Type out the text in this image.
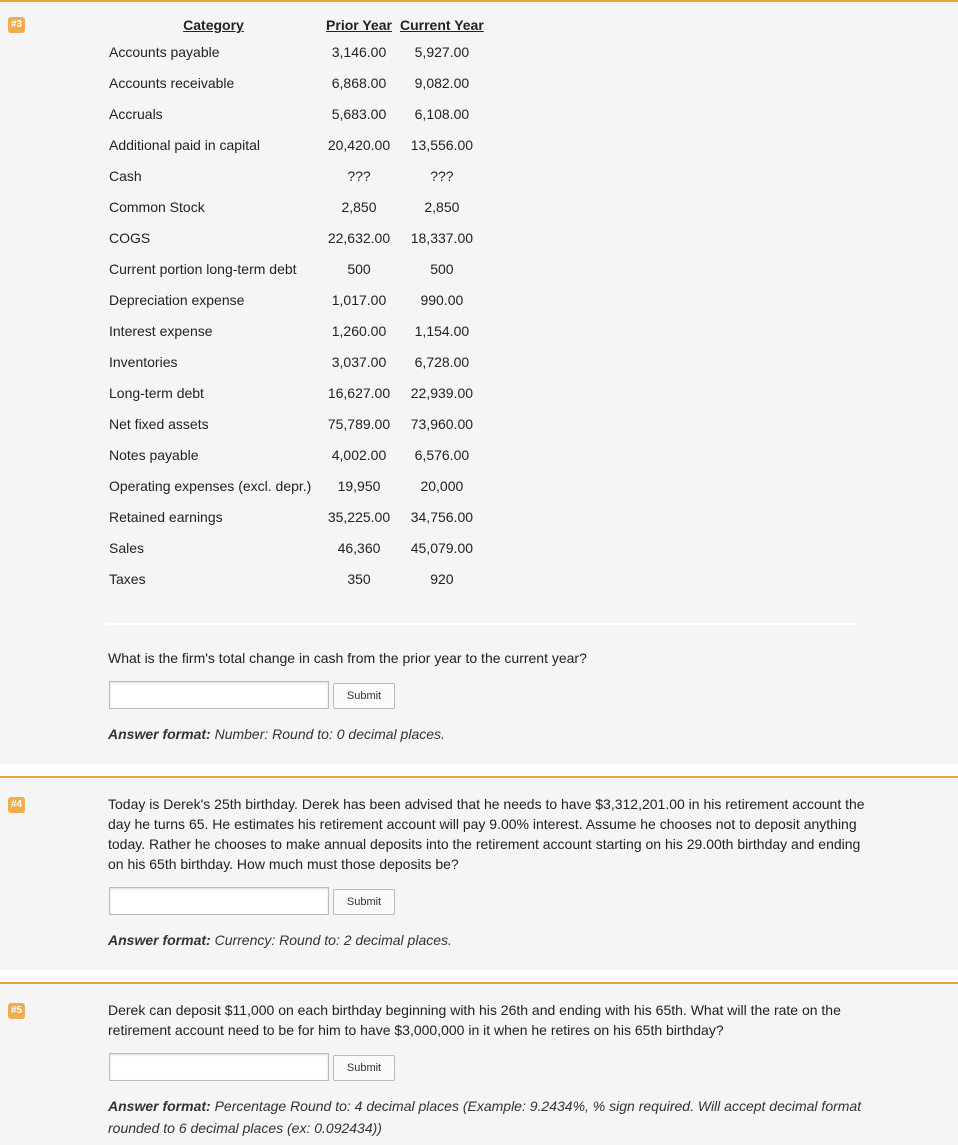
#3	Category	Prior Year	Current Year
Accounts payable	3,146.00	5,927.00
Accounts receivable	6,868.00	9,082.00
Accruals	5,683.00	6,108.00
Additional paid in capital	20,420.00	13,556.00
Cash	???	???
Common Stock	2,850	2,850
COGS	22,632.00	18,337.00
Current portion long-term debt	500	500
Depreciation expense	1,017.00	990.00
Interest expense	1,260.00	1,154.00
Inventories	3,037.00	6,728.00
Long-term debt	16,627.00	22,939.00
Net fixed assets	75,789.00	73,960.00
Notes payable	4,002.00	6,576.00
Operating expenses (excl. depr.)	19,950	20,000
Retained earnings	35,225.00	34,756.00
Sales	46,360	45,079.00
Taxes	350	920
What is the firm's total change in cash from the prior year to the current year?
Submit
Answer format: Number: Round to: 0 decimal places.
#4	Today is Derek's 25th birthday. Derek has been advised that he needs to have $3,312,201.00 in his retirement account the day he turns 65. He estimates his retirement account will pay 9.00% interest. Assume he chooses not to deposit anything today. Rather he chooses to make annual deposits into the retirement account starting on his 29.00th birthday and ending on his 65th birthday. How much must those deposits be?
Submit
Answer format: Currency: Round to: 2 decimal places.
#5	Derek can deposit $11,000 on each birthday beginning with his 26th and ending with his 65th. What will the rate on the retirement account need to be for him to have $3,000,000 in it when he retires on his 65th birthday?
Submit
Answer format: Percentage Round to: 4 decimal places (Example: 9.2434%, % sign required. Will accept decimal format rounded to 6 decimal places (ex: 0.092434))
